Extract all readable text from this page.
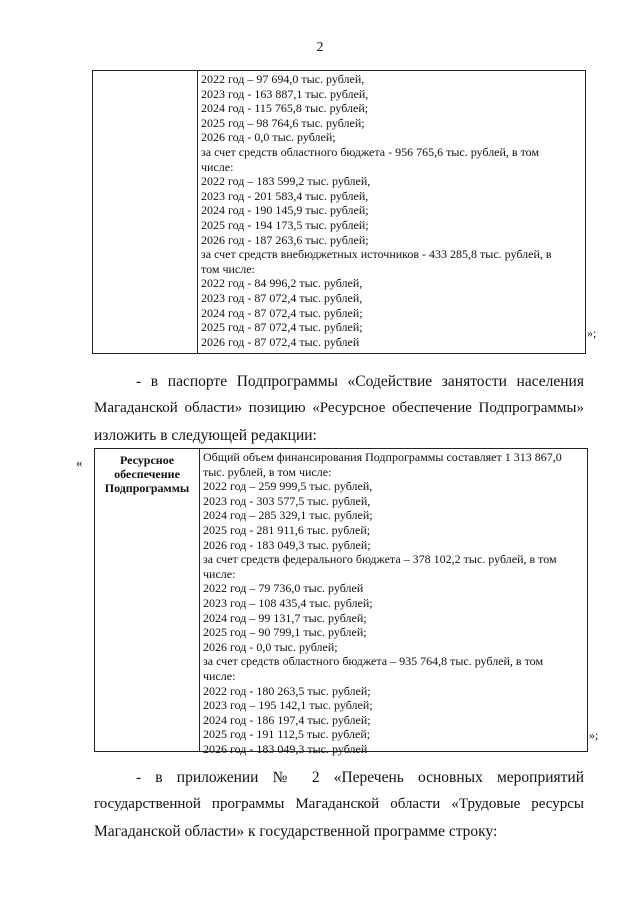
2
2022 год – 97 694,0 тыс. рублей,
2023 год - 163 887,1 тыс. рублей,
2024 год - 115 765,8 тыс. рублей;
2025 год – 98 764,6 тыс. рублей;
2026 год - 0,0 тыс. рублей;
за счет средств областного бюджета - 956 765,6 тыс. рублей, в том
числе:
2022 год – 183 599,2 тыс. рублей,
2023 год - 201 583,4 тыс. рублей,
2024 год - 190 145,9 тыс. рублей;
2025 год - 194 173,5 тыс. рублей;
2026 год - 187 263,6 тыс. рублей;
за счет средств внебюджетных источников - 433 285,8 тыс. рублей, в
том числе:
2022 год - 84 996,2 тыс. рублей,
2023 год - 87 072,4 тыс. рублей,
2024 год - 87 072,4 тыс. рублей;
2025 год - 87 072,4 тыс. рублей;
2026 год - 87 072,4 тыс. рублей
»;
- в паспорте Подпрограммы «Содействие занятости населения
Магаданской области» позицию «Ресурсное обеспечение Подпрограммы»
изложить в следующей редакции:
«	Ресурсное обеспечение Подпрограммы
Общий объем финансирования Подпрограммы составляет 1 313 867,0
тыс. рублей, в том числе:
2022 год – 259 999,5 тыс. рублей,
2023 год - 303 577,5 тыс. рублей,
2024 год – 285 329,1 тыс. рублей;
2025 год - 281 911,6 тыс. рублей;
2026 год - 183 049,3 тыс. рублей;
за счет средств федерального бюджета – 378 102,2 тыс. рублей, в том
числе:
2022 год – 79 736,0 тыс. рублей
2023 год – 108 435,4 тыс. рублей;
2024 год – 99 131,7 тыс. рублей;
2025 год – 90 799,1 тыс. рублей;
2026 год - 0,0 тыс. рублей;
за счет средств областного бюджета – 935 764,8 тыс. рублей, в том
числе:
2022 год - 180 263,5 тыс. рублей;
2023 год – 195 142,1 тыс. рублей;
2024 год - 186 197,4 тыс. рублей;
2025 год - 191 112,5 тыс. рублей;
2026 год - 183 049,3 тыс. рублей
»;
- в приложении № 2 «Перечень основных мероприятий
государственной программы Магаданской области «Трудовые ресурсы
Магаданской области» к государственной программе строку:
